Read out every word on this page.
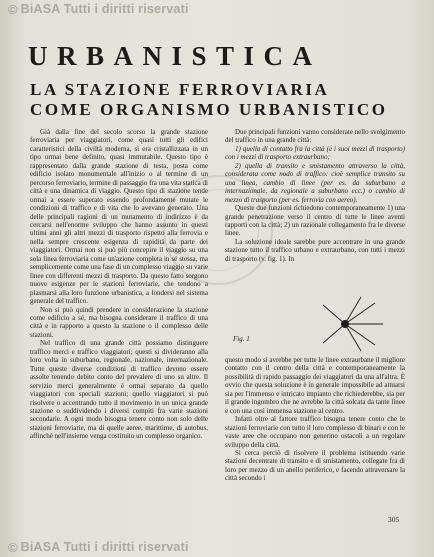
© BiASA Tutti i diritti riservati
URBANISTICA
LA STAZIONE FERROVIARIA
COME ORGANISMO URBANISTICO

Già dalla fine del secolo scorso la grande stazione ferroviaria per viaggiatori, come quasi tutti gli edifici caratteristici della civiltà moderna, si era cristallizzata in un tipo ormai bene definito, quasi immutabile. Questo tipo è rappresentato dalla grande stazione di testa, posta come edificio isolato monumentale all'inizio o al termine di un percorso ferroviario, termine di passaggio fra una vita statica di città e una dinamica di viaggio. Questo tipo di stazione tende ormai a essere superato essendo profondamente mutate le condizioni di traffico e di vita che lo avevano generato. Una delle principali ragioni di un mutamento di indirizzo è da cercarsi nell'enorme sviluppo che hanno assunto in questi ultimi anni gli altri mezzi di trasporto rispetto alla ferrovia e nella sempre crescente esigenza di rapidità da parte dei viaggiatori. Ormai non si può più concepire il viaggio su una sola linea ferroviaria come un'azione completa in sé stessa, ma semplicemente come una fase di un complesso viaggio su varie linee con differenti mezzi di trasporto. Da questo fatto sorgono nuove esigenze per le stazioni ferroviarie, che tendono a plasmarsi alla loro funzione urbanistica, a fondersi nel sistema generale del traffico.

Non si può quindi prendere in considerazione la stazione come edificio a sé, ma bisogna considerare il traffico di una città e in rapporto a questo la stazione o il complesso delle stazioni.

Nel traffico di una grande città possiamo distinguere traffico merci e traffico viaggiatori; questi si divideranno alla loro volta in suburbano, regionale, nazionale, internazionale. Tutte queste diverse condizioni di traffico devono essere assolte tenendo debito conto del prevalere di uno su altre. Il servizio merci generalmente è ormai separato da quello viaggiatori con speciali stazioni; quello viaggiatori si può risolvere o accentrando tutto il movimento in un unica grande stazione o suddividendo i diversi compiti fra varie stazioni secondarie. A ogni modo bisogna tenere conto non solo delle stazioni ferroviarie, ma di quelle aeree, marittime, di autobus, affinché nell'insieme venga costituito un complesso organico.

Due principali funzioni vanno considerate nello svolgimento del traffico in una grande città:

1) quella di contatto fra la città (e i suoi mezzi di trasporto) con i mezzi di trasporto extraurbano;

2) quella di transito e smistamento attraverso la città, considerata come nodo di traffico: cioè semplice transito su una linea, cambio di linee (per es. da suburbano a internazionale, da regionale a suburbano ecc.) o cambio di mezzo di trasporto (per es. ferrovia con aereo).

Queste due funzioni richiedono contemporaneamente 1) una grande penetrazione verso il centro di tutte le linee aventi rapporti con la città; 2) un razionale collegamento fra le diverse linee.

La soluzione ideale sarebbe pure accentrare in una grande stazione tutto il traffico urbano e extraurbano, con tutti i mezzi di trasporto (v. fig. 1). In

Fig. 1

questo modo si avrebbe per tutte le linee extraurbane il migliore contatto con il centro della città e contemporaneamente la possibilità di rapido passaggio dei viaggiatori da una all'altra. È ovvio che questa soluzione è in generale impossibile ad attuarsi sia per l'immenso e intricato impianto che richiederebbe, sia per il grande ingombro che ne avrebbe la città solcata da tante linee e con una così immensa stazione al centro.

Infatti oltre al fattore traffico bisogna tenere conto che le stazioni ferroviarie con tutto il loro complesso di binari e con le vaste aree che occupano non generino ostacoli a un regolare sviluppo della città.

Si cerca perciò di risolvere il problema istituendo varie stazioni decentrate di transito e di smistamento, collegate fra di loro per mezzo di un anello periferico, e facendo attraversare la città secondo i

305
© BiASA Tutti i diritti riservati
